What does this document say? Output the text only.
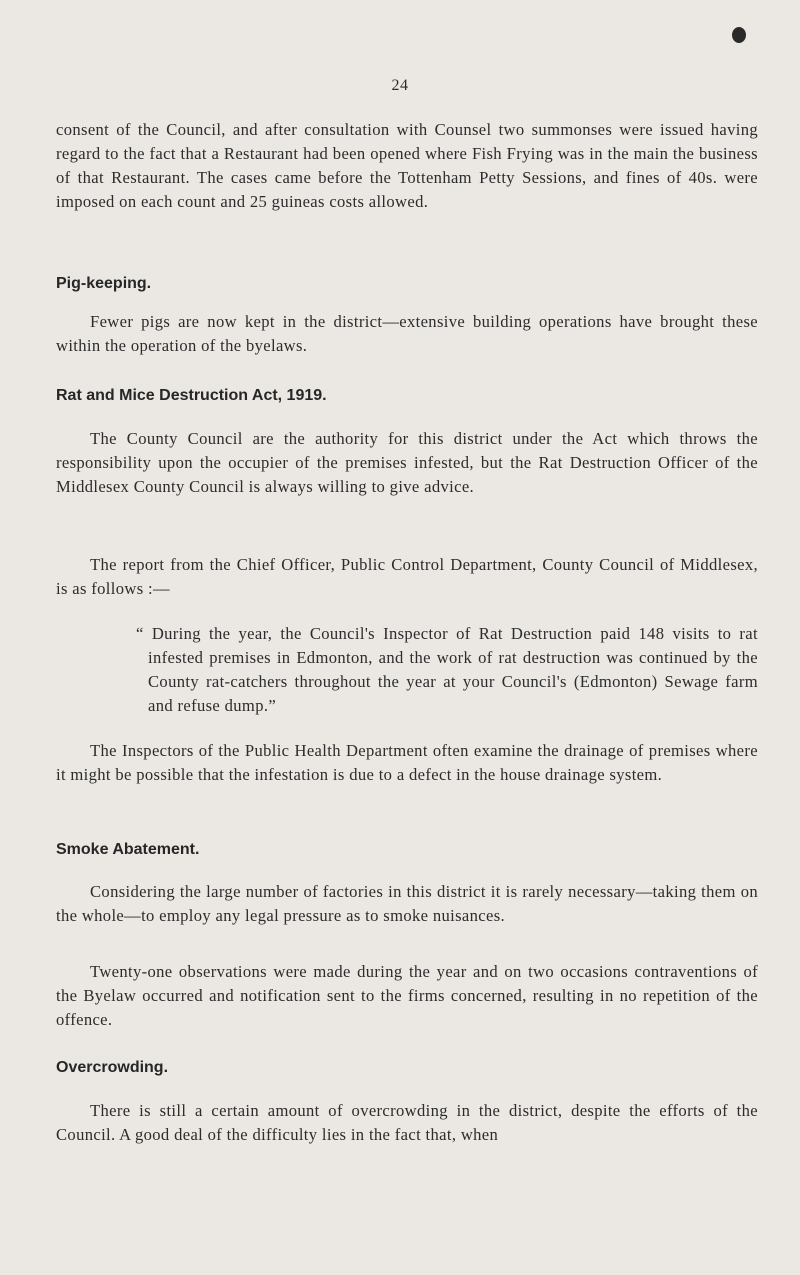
24
consent of the Council, and after consultation with Counsel two summonses were issued having regard to the fact that a Restaurant had been opened where Fish Frying was in the main the business of that Restaurant. The cases came before the Tottenham Petty Sessions, and fines of 40s. were imposed on each count and 25 guineas costs allowed.
Pig-keeping.
Fewer pigs are now kept in the district—extensive building operations have brought these within the operation of the byelaws.
Rat and Mice Destruction Act, 1919.
The County Council are the authority for this district under the Act which throws the responsibility upon the occupier of the premises infested, but the Rat Destruction Officer of the Middlesex County Council is always willing to give advice.
The report from the Chief Officer, Public Control Department, County Council of Middlesex, is as follows :—
“ During the year, the Council's Inspector of Rat Destruction paid 148 visits to rat infested premises in Edmonton, and the work of rat destruction was continued by the County rat-catchers throughout the year at your Council's (Edmonton) Sewage farm and refuse dump.”
The Inspectors of the Public Health Department often examine the drainage of premises where it might be possible that the infestation is due to a defect in the house drainage system.
Smoke Abatement.
Considering the large number of factories in this district it is rarely necessary—taking them on the whole—to employ any legal pressure as to smoke nuisances.
Twenty-one observations were made during the year and on two occasions contraventions of the Byelaw occurred and notification sent to the firms concerned, resulting in no repetition of the offence.
Overcrowding.
There is still a certain amount of overcrowding in the district, despite the efforts of the Council. A good deal of the difficulty lies in the fact that, when
